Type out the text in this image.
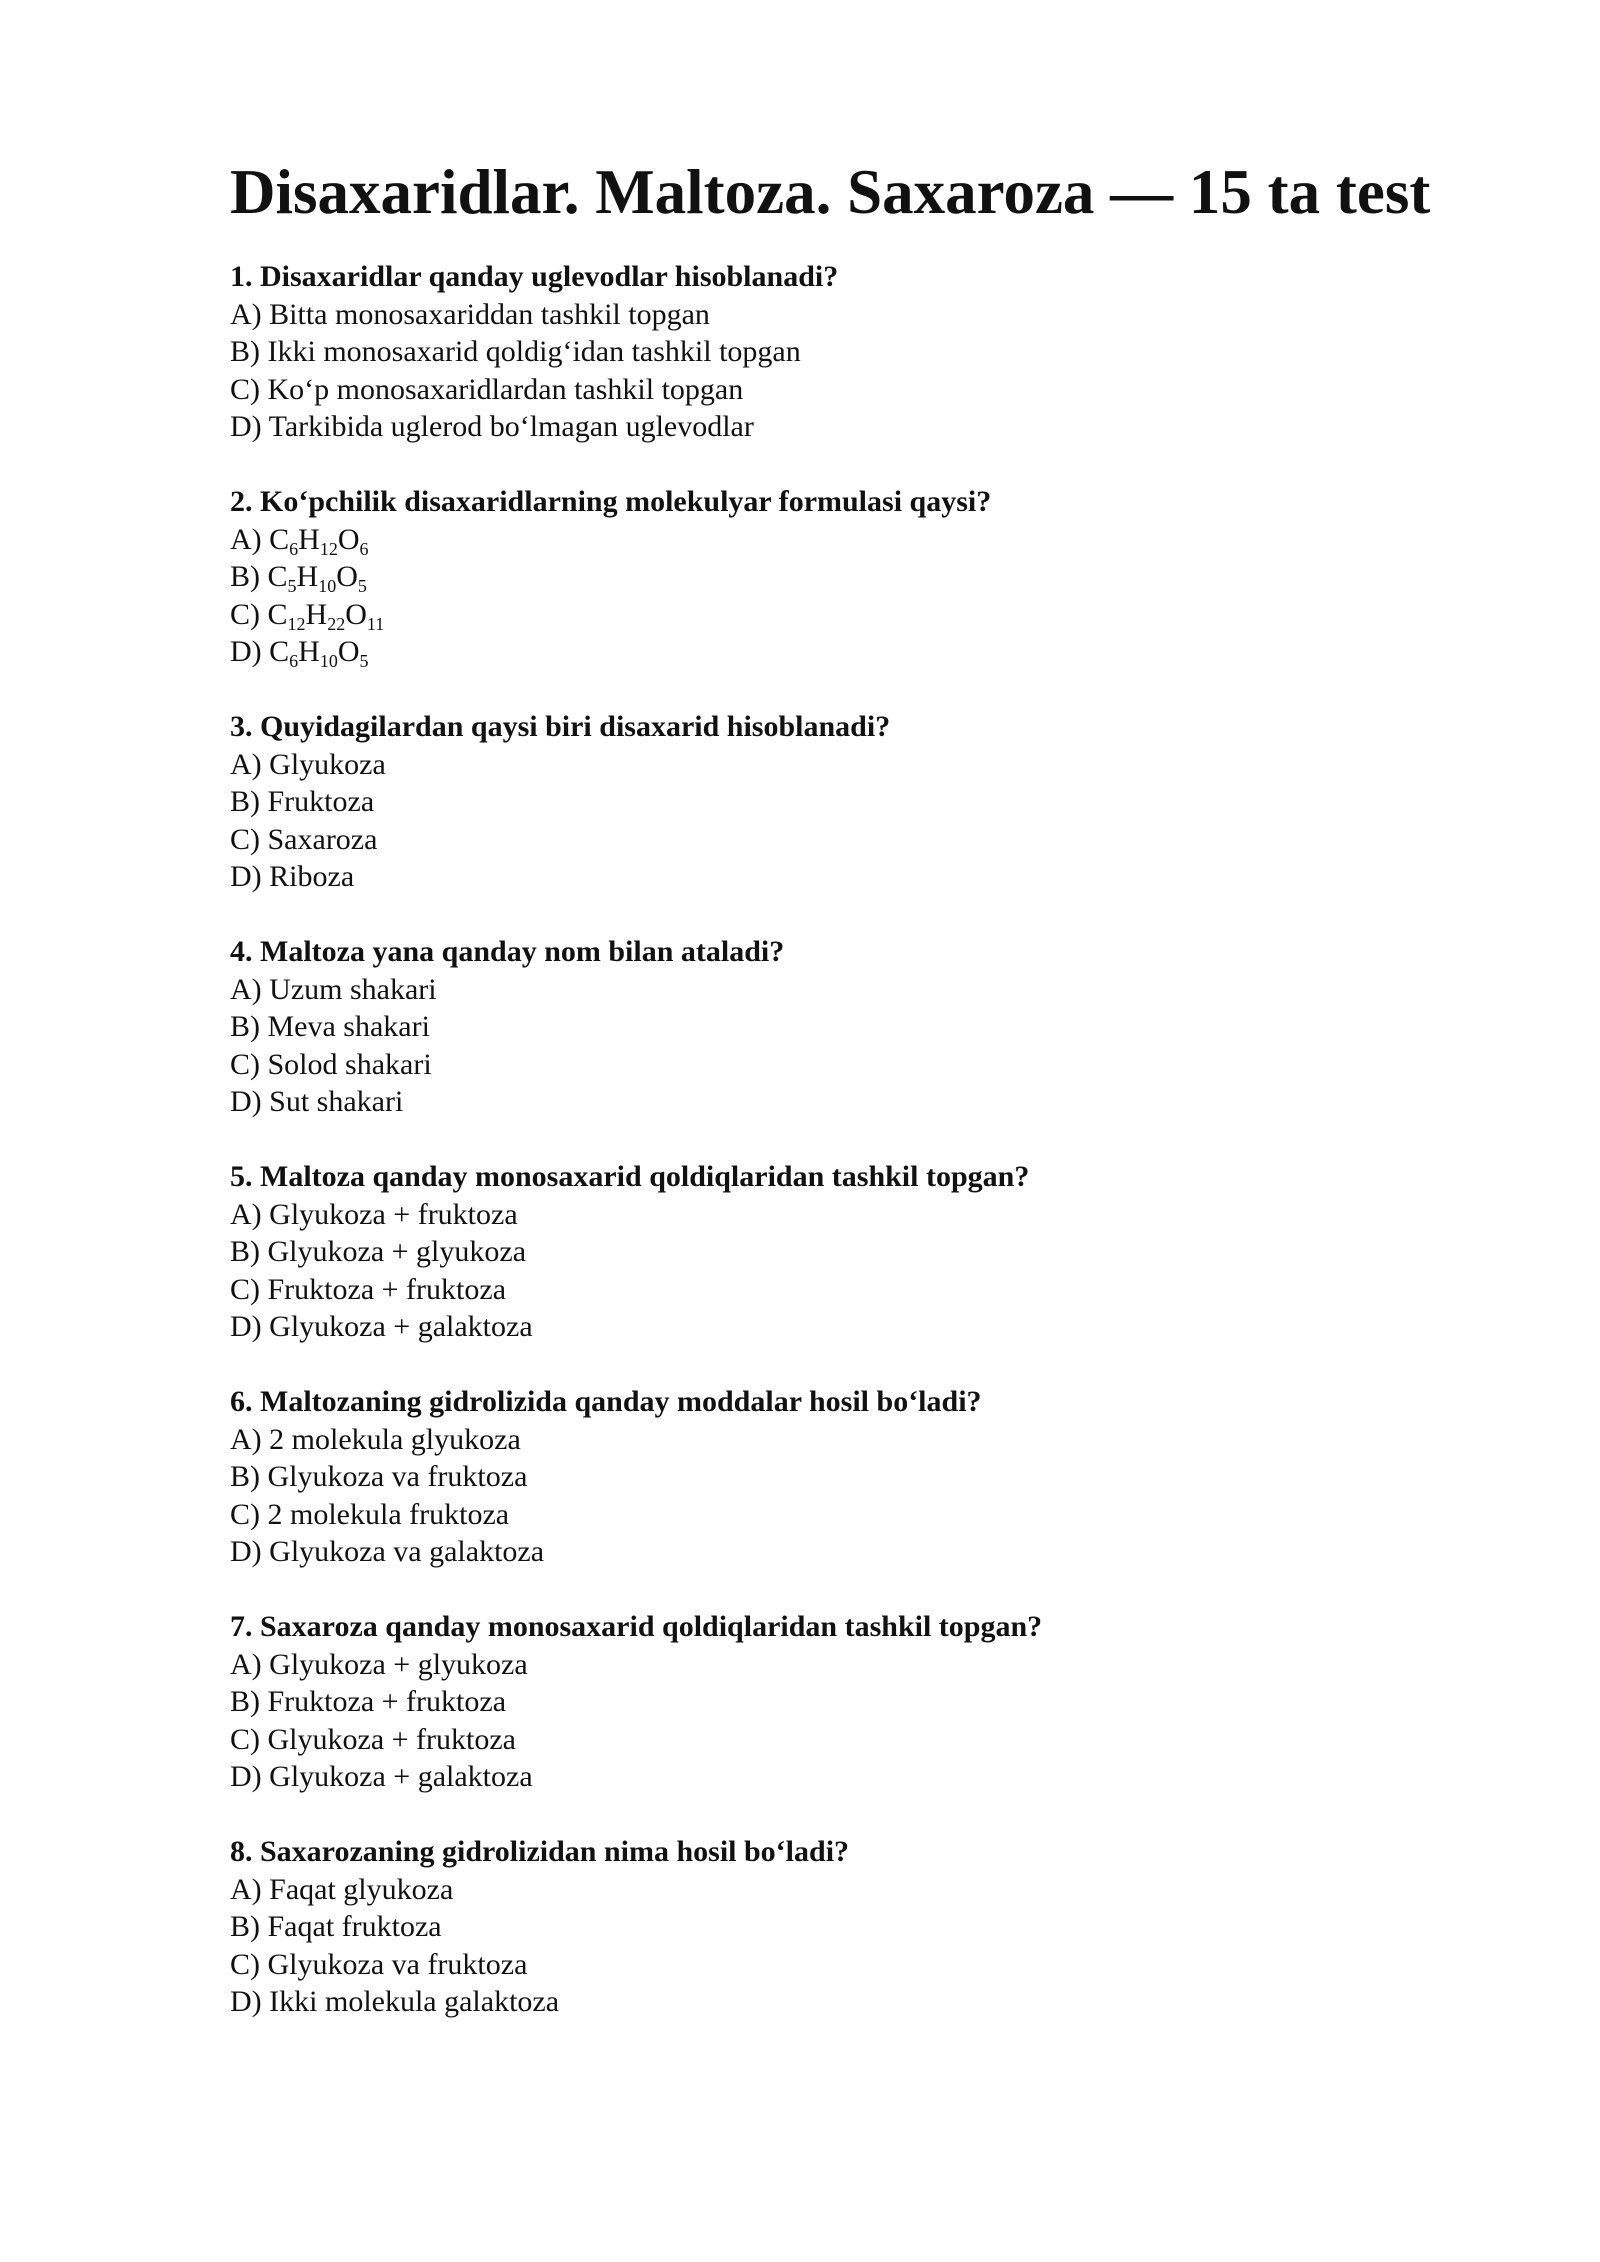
Disaxaridlar. Maltoza. Saxaroza — 15 ta test
1. Disaxaridlar qanday uglevodlar hisoblanadi?
A) Bitta monosaxariddan tashkil topgan
B) Ikki monosaxarid qoldig‘idan tashkil topgan
C) Ko‘p monosaxaridlardan tashkil topgan
D) Tarkibida uglerod bo‘lmagan uglevodlar
2. Ko‘pchilik disaxaridlarning molekulyar formulasi qaysi?
A) $C_6H_{12}O_6$
B) $C_5H_{10}O_5$
C) $C_{12}H_{22}O_{11}$
D) $C_6H_{10}O_5$
3. Quyidagilardan qaysi biri disaxarid hisoblanadi?
A) Glyukoza
B) Fruktoza
C) Saxaroza
D) Riboza
4. Maltoza yana qanday nom bilan ataladi?
A) Uzum shakari
B) Meva shakari
C) Solod shakari
D) Sut shakari
5. Maltoza qanday monosaxarid qoldiqlaridan tashkil topgan?
A) Glyukoza + fruktoza
B) Glyukoza + glyukoza
C) Fruktoza + fruktoza
D) Glyukoza + galaktoza
6. Maltozaning gidrolizida qanday moddalar hosil bo‘ladi?
A) 2 molekula glyukoza
B) Glyukoza va fruktoza
C) 2 molekula fruktoza
D) Glyukoza va galaktoza
7. Saxaroza qanday monosaxarid qoldiqlaridan tashkil topgan?
A) Glyukoza + glyukoza
B) Fruktoza + fruktoza
C) Glyukoza + fruktoza
D) Glyukoza + galaktoza
8. Saxarozaning gidrolizidan nima hosil bo‘ladi?
A) Faqat glyukoza
B) Faqat fruktoza
C) Glyukoza va fruktoza
D) Ikki molekula galaktoza
